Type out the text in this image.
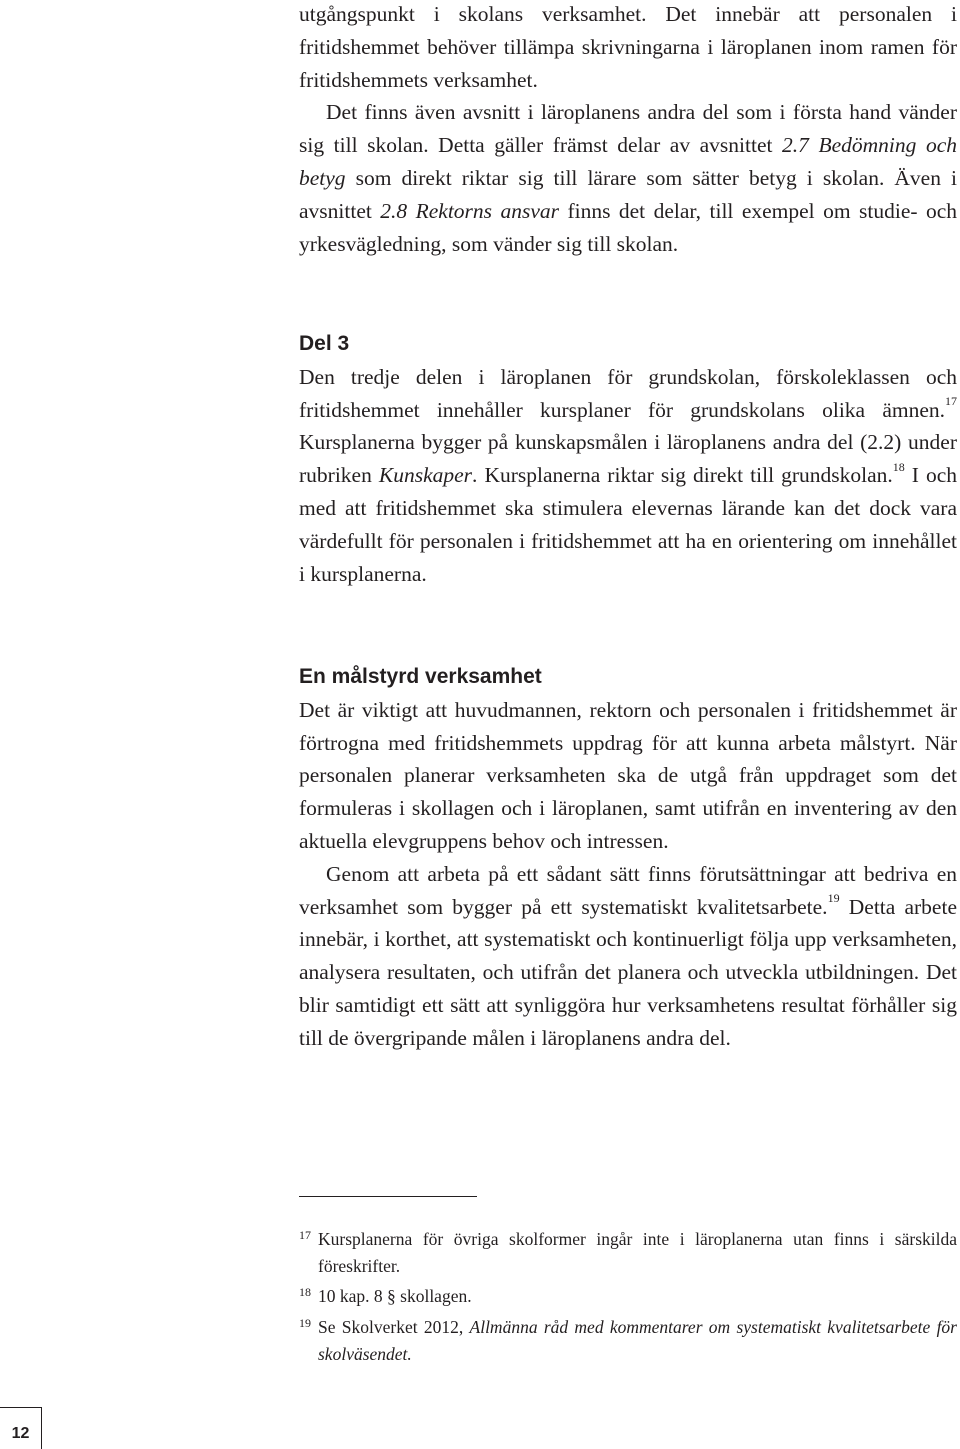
utgångspunkt i skolans verksamhet. Det innebär att personalen i fritidshemmet behöver tillämpa skrivningarna i läroplanen inom ramen för fritidshemmets verksamhet.

Det finns även avsnitt i läroplanens andra del som i första hand vänder sig till skolan. Detta gäller främst delar av avsnittet 2.7 Bedömning och betyg som direkt riktar sig till lärare som sätter betyg i skolan. Även i avsnittet 2.8 Rektorns ansvar finns det delar, till exempel om studie- och yrkesvägledning, som vänder sig till skolan.

Del 3

Den tredje delen i läroplanen för grundskolan, förskoleklassen och fritidshemmet innehåller kursplaner för grundskolans olika ämnen.$^{17}$ Kursplanerna bygger på kunskapsmålen i läroplanens andra del (2.2) under rubriken Kunskaper. Kursplanerna riktar sig direkt till grundskolan.$^{18}$ I och med att fritidshemmet ska stimulera elevernas lärande kan det dock vara värdefullt för personalen i fritidshemmet att ha en orientering om innehållet i kursplanerna.

En målstyrd verksamhet

Det är viktigt att huvudmannen, rektorn och personalen i fritidshemmet är förtrogna med fritidshemmets uppdrag för att kunna arbeta målstyrt. När personalen planerar verksamheten ska de utgå från uppdraget som det formuleras i skollagen och i läroplanen, samt utifrån en inventering av den aktuella elevgruppens behov och intressen.

Genom att arbeta på ett sådant sätt finns förutsättningar att bedriva en verksamhet som bygger på ett systematiskt kvalitetsarbete.$^{19}$ Detta arbete innebär, i korthet, att systematiskt och kontinuerligt följa upp verksamheten, analysera resultaten, och utifrån det planera och utveckla utbildningen. Det blir samtidigt ett sätt att synliggöra hur verksamhetens resultat förhåller sig till de övergripande målen i läroplanens andra del.

17 Kursplanerna för övriga skolformer ingår inte i läroplanerna utan finns i särskilda föreskrifter.
18 10 kap. 8 § skollagen.
19 Se Skolverket 2012, Allmänna råd med kommentarer om systematiskt kvalitetsarbete för skolväsendet.
12
